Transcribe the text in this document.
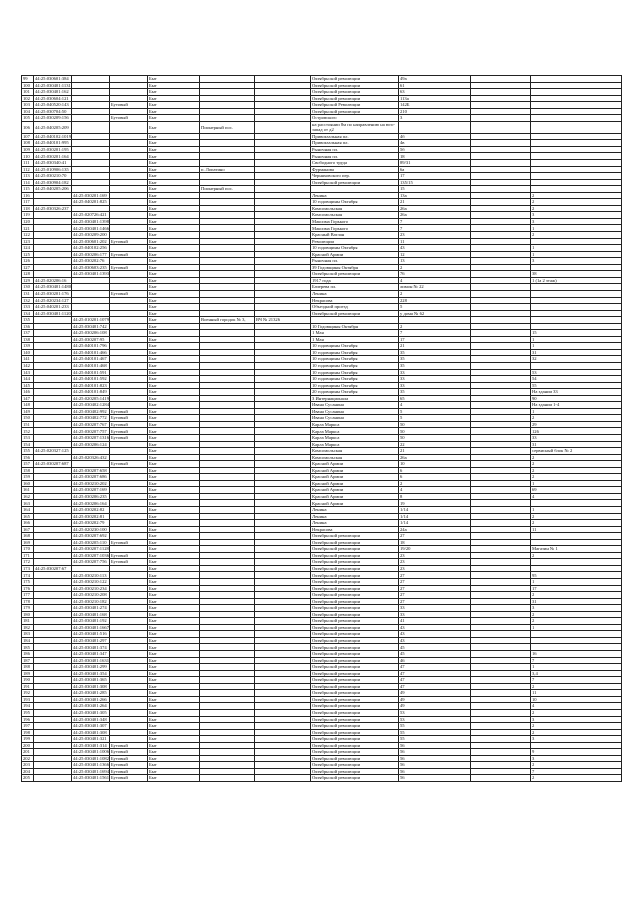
99	44:25:030601:384			Быт			Октябрьской революции	49а		
100	44:25:030401:1131			Быт			Октябрьской революции	61		
101	44:25:030401:162			Быт			Октябрьской революции	63		
102	44:25:030604:121			Быт			Октябрьской революции	113а		
103	44:25:040520:143		Бутовый	Быт			Октябрьской Революции	142Б		
104	44:25:030704:50			Быт			Октябрьской революции	210		
105	44:25:030209:156		Бутовый	Быт			Островского	3		
106	44:25:040205:209			Быт	Пионерный пос.		на расстоянии 8м по направлению на юго-запад от д2			
107	44:25:040102:1019			Быт			Привокзальная пл.	4б		
108	44:25:040101:995			Быт			Привокзальная пл.	4в		
109	44:25:030201:195			Быт			Рыночная пл.	5б		
110	44:25:030201:164			Быт			Рыночная пл.	18		
111	44:25:030340:41			Быт			Свободного труда	89/31		
112	44:25:010906:135			Быт	п. Лопатино		Фурманова	6а		
113	44:25:030210:70			Быт			Черняховского пер.	17		
114	44:25:030904:182			Быт			Октябрьской революции	135/15		
115	44:25:040205:206			Быт	Пионерный пос.			15		
116		44:25:030201:169		Быт			Ленина	13а		2
117		44:25:040201:825		Быт			10 годовщины Октября	21		2
118	44:25:030326:237			Быт			Комсомольская	26а		2
119		44:25:020726:421		Быт			Комсомольская	26а		3
120		44:25:030401:1398		Быт			Максима Горького	7		3
121		44:25:030401:1466		Быт			Максима Горького	7		1
122		44:25:030209:200		Быт			Красный Ватлан	23		2
123		44:25:030601:202	Бутовый	Быт			Революции	11		
124		44:25:040102:256		Быт			10 годовщины Октября	43		1
125		44:25:030206:177	Бутовый	Быт			Красной Армии	12		1
126		44:25:030202:76		Быт			Рыночная пл.	13		3
127		44:25:030603:235	Бутовый	Быт			39 Годовщины Октября	2		
128		44:25:030401:1393		Быт			Октябрьской революции	76		38
129	44:25:020206:16			Быт			1917 года	4		1 (1а 2 этаж)
130	44:25:030401:1480			Быт			Бачерева пл.	лимон № 22		
131	44:25:030201:176		Бутовый	Быт			Ленина	2		
132	44:25:020234:127			Быт			Некрасова	228		
133	44:25:040201:233			Быт			Объездной проезд	5		
134	44:25:030401:1120			Быт			Октябрьской революции	у дома № 62		
135		44:25:010201:1079		Быт	Военный городок № 3,	ВЧ № 21326				
136		44:25:030401:742		Быт			10 Годовщины Октября	2		
137		44:25:030206:108		Быт			1 Мая	7		15
138		44:25:030207:95		Быт			1 Мая	17		1
139		44:25:040101:796		Быт			10 годовщины Октября	21		1
140		44:25:040101:466		Быт			10 годовщины Октября	35		31
141		44:25:040101:467		Быт			10 годовщины Октября	35		32
142		44:25:040101:468		Быт			10 годовщины Октября	35		
143		44:25:040101:591		Быт			10 годовщины Октября	33		53
144		44:25:040101:592		Быт			10 годовщины Октября	33		54
145		44:25:040101:823		Быт			10 годовщины Октября	33		55
146		44:25:040101:849		Быт			20 годовщины Октября	35		На здании 33
147		44:25:020205:1419		Быт			3 Интернационала	65		90
148		44:25:030402:1284		Быт			Ивана Сусанина	4		На здании 1-4
149		44:25:030402:992	Бутовый	Быт			Ивана Сусанина	5		1
150		44:25:030402:772	Бутовый	Быт			Ивана Сусанина	5		2
151		44:25:030207:767	Бутовый	Быт			Карла Маркса	50		29
152		44:25:030207:757	Бутовый	Быт			Карла Маркса	50		126
153		44:25:030207:1316	Бутовый	Быт			Карла Маркса	50		33
154		44:25:030206:124		Быт			Карла Маркса	22		31
155	44:25:020327:125			Быт			Комсомольская	21		сервисный блок № 2
156		44:25:020326:432		Быт			Комсомольская	26а		2
157	44:25:030207:687		Бутовый	Быт			Красной Армии	10		2
158		44:25:030207:658		Быт			Красной Армии	6		2
159		44:25:030207:686		Быт			Красной Армии	6		2
160		44:25:030210:202		Быт			Красной Армии	2		1
161		44:25:030207:169		Быт			Красной Армии	4		69
162		44:25:030206:235		Быт			Красной Армии	8		4
163		44:25:030206:164		Быт			Красной Армии	19		
164		44:25:030202:82		Быт			Ленина	1/14		1
165		44:25:030202:81		Быт			Ленина	1/14		2
166		44:25:030202:79		Быт			Ленина	1/14		2
167		44:25:020230:100		Быт			Некрасова	24а		11
168		44:25:030207:692		Быт			Октябрьской революции	27		
169		44:25:030205:110	Бутовый	Быт			Октябрьской революции	18		
170		44:25:030207:1128		Быт			Октябрьской революции	19/20		Магазин № 1
171		44:25:030207:1036	Бутовый	Быт			Октябрьской революции	23		2
172		44:25:030207:756	Бутовый	Быт			Октябрьской революции	23		
173	44:25:030207:67			Быт			Октябрьской революции	23		
174		44:25:030210:113		Быт			Октябрьской революции	27		95
175		44:25:030210:122		Быт			Октябрьской революции	27		1
176		44:25:030210:234		Быт			Октябрьской революции	27		17
177		44:25:030210:208		Быт			Октябрьской революции	27		2
178		44:25:030210:182		Быт			Октябрьской революции	27		31
179		44:25:030401:274		Быт			Октябрьской революции	33		3
180		44:25:030401:168		Быт			Октябрьской революции	33		2
181		44:25:030401:192		Быт			Октябрьской революции	41		2
182		44:25:030401:1667		Быт			Октябрьской революции	43		1
183		44:25:030401:516		Быт			Октябрьской революции	43		
184		44:25:030401:297		Быт			Октябрьской революции	43		
185		44:25:030401:374		Быт			Октябрьской революции	45		
186		44:25:030401:347		Быт			Октябрьской революции	45		16
187		44:25:030401:1631		Быт			Октябрьской революции	46		7
188		44:25:030401:299		Быт			Октябрьской революции	47		1
189		44:25:030401:354		Быт			Октябрьской революции	47		3,4
190		44:25:030401:365		Быт			Октябрьской революции	47		7
191		44:25:030401:308		Быт			Октябрьской революции	47		2
192		44:25:030401:285		Быт			Октябрьской революции	49		11
193		44:25:030401:266		Быт			Октябрьской революции	49		10
194		44:25:030401:264		Быт			Октябрьской революции	49		4
195		44:25:030401:305		Быт			Октябрьской революции	53		2
196		44:25:030401:348		Быт			Октябрьской революции	53		3
197		44:25:030401:307		Быт			Октябрьской революции	55		2
198		44:25:030401:308		Быт			Октябрьской революции	55		2
199		44:25:030401:321		Быт			Октябрьской революции	55		3
200		44:25:030401:314	Бутовый	Быт			Октябрьской революции	56		
201		44:25:030401:1006	Бутовый	Быт			Октябрьской революции	56		9
202		44:25:030401:1082	Бутовый	Быт			Октябрьской революции	56		3
203		44:25:030401:1366	Бутовый	Быт			Октябрьской революции	56		2
204		44:25:030401:1694	Бутовый	Быт			Октябрьской революции	56		7
205		44:25:030401:1561	Бутовый	Быт			Октябрьской революции	56		2
